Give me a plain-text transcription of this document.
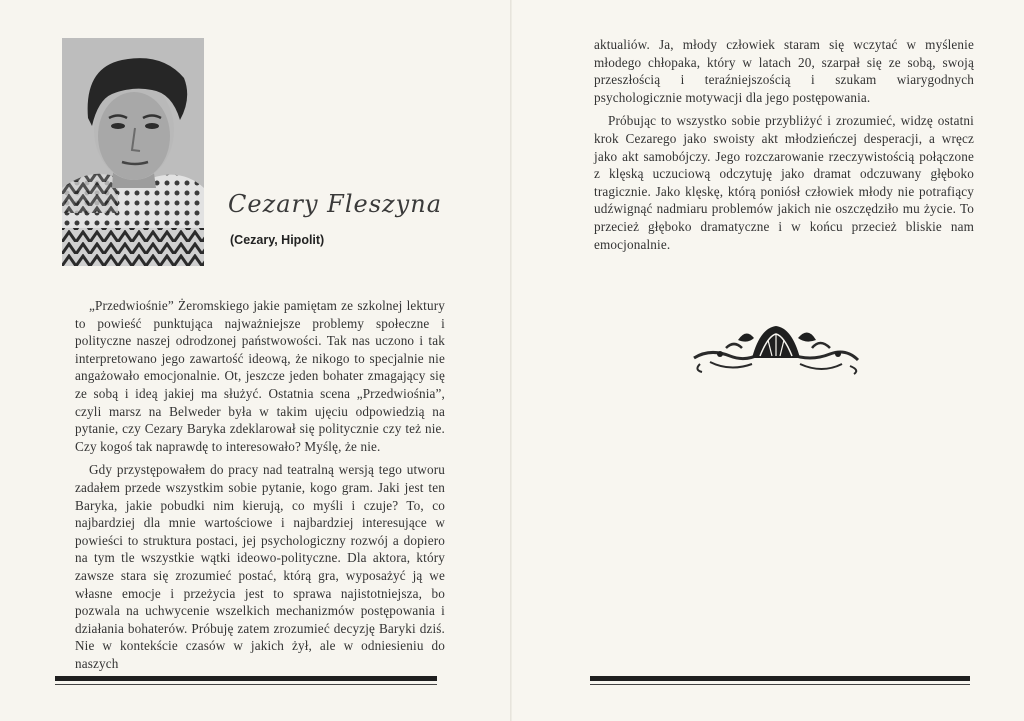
Cezary Fleszyna
(Cezary, Hipolit)

„Przedwiośnie” Żeromskiego jakie pamiętam ze szkolnej lektury to powieść punktująca najważniejsze problemy społeczne i polityczne naszej odrodzonej państwowości. Tak nas uczono i tak interpretowano jego zawartość ideową, że nikogo to specjalnie nie angażowało emocjonalnie. Ot, jeszcze jeden bohater zmagający się ze sobą i ideą jakiej ma służyć. Ostatnia scena „Przedwiośnia”, czyli marsz na Belweder była w takim ujęciu odpowiedzią na pytanie, czy Cezary Baryka zdeklarował się politycznie czy też nie. Czy kogoś tak naprawdę to interesowało? Myślę, że nie.

Gdy przystępowałem do pracy nad teatralną wersją tego utworu zadałem przede wszystkim sobie pytanie, kogo gram. Jaki jest ten Baryka, jakie pobudki nim kierują, co myśli i czuje? To, co najbardziej dla mnie wartościowe i najbardziej interesujące w powieści to struktura postaci, jej psychologiczny rozwój a dopiero na tym tle wszystkie wątki ideowo-polityczne. Dla aktora, który zawsze stara się zrozumieć postać, którą gra, wyposażyć ją we własne emocje i przeżycia jest to sprawa najistotniejsza, bo pozwala na uchwycenie wszelkich mechanizmów postępowania i działania bohaterów. Próbuję zatem zrozumieć decyzję Baryki dziś. Nie w kontekście czasów w jakich żył, ale w odniesieniu do naszych

aktualiów. Ja, młody człowiek staram się wczytać w myślenie młodego chłopaka, który w latach 20, szarpał się ze sobą, swoją przeszłością i teraźniejszością i szukam wiarygodnych psychologicznie motywacji dla jego postępowania.

Próbując to wszystko sobie przybliżyć i zrozumieć, widzę ostatni krok Cezarego jako swoisty akt młodzieńczej desperacji, a wręcz jako akt samobójczy. Jego rozczarowanie rzeczywistością połączone z klęską uczuciową odczytuję jako dramat odczuwany głęboko tragicznie. Jako klęskę, którą poniósł człowiek młody nie potrafiący udźwignąć nadmiaru problemów jakich nie oszczędziło mu życie. To przecież głęboko dramatyczne i w końcu przecież bliskie nam emocjonalnie.
